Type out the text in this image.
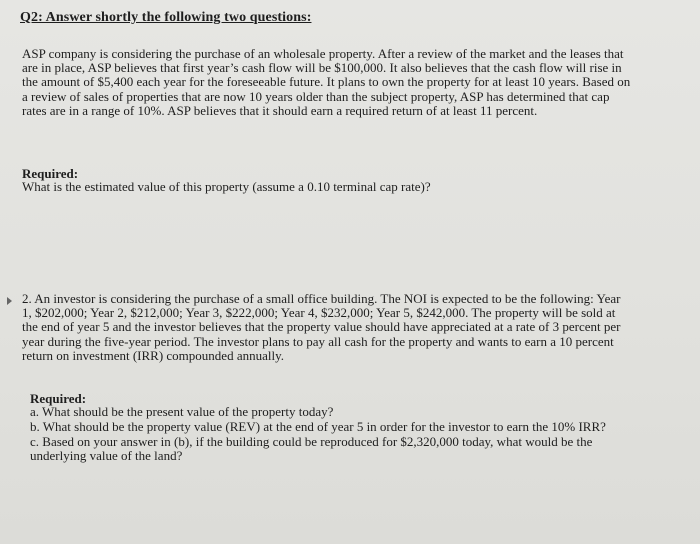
Q2: Answer shortly the following two questions:
ASP company is considering the purchase of an wholesale property. After a review of the market and the leases that
are in place, ASP believes that first year’s cash flow will be $100,000. It also believes that the cash flow will rise in
the amount of $5,400 each year for the foreseeable future. It plans to own the property for at least 10 years. Based on
a review of sales of properties that are now 10 years older than the subject property, ASP has determined that cap
rates are in a range of 10%. ASP believes that it should earn a required return of at least 11 percent.
Required:
What is the estimated value of this property (assume a 0.10 terminal cap rate)?
2. An investor is considering the purchase of a small office building. The NOI is expected to be the following: Year
1, $202,000; Year 2, $212,000; Year 3, $222,000; Year 4, $232,000; Year 5, $242,000. The property will be sold at
the end of year 5 and the investor believes that the property value should have appreciated at a rate of 3 percent per
year during the five-year period. The investor plans to pay all cash for the property and wants to earn a 10 percent
return on investment (IRR) compounded annually.
Required:
a. What should be the present value of the property today?
b. What should be the property value (REV) at the end of year 5 in order for the investor to earn the 10% IRR?
c. Based on your answer in (b), if the building could be reproduced for $2,320,000 today, what would be the
underlying value of the land?
